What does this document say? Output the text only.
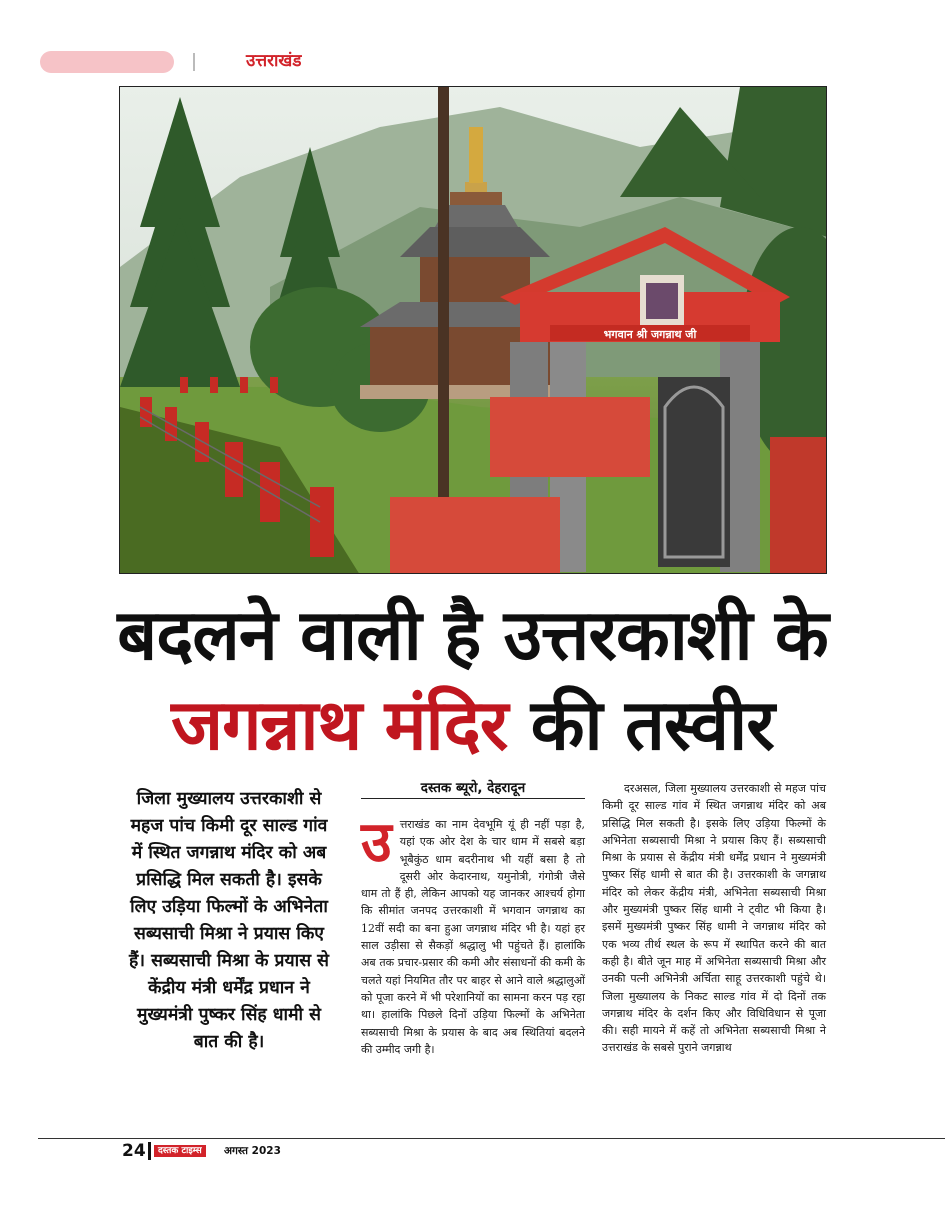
उत्तराखंड
भगवान श्री जगन्नाथ जी
बदलने वाली है उत्तरकाशी के
जगन्नाथ मंदिर की तस्वीर
जिला मुख्यालय उत्तरकाशी से महज पांच किमी दूर साल्ड गांव में स्थित जगन्नाथ मंदिर को अब प्रसिद्धि मिल सकती है। इसके लिए उड़िया फिल्मों के अभिनेता सब्यसाची मिश्रा ने प्रयास किए हैं। सब्यसाची मिश्रा के प्रयास से केंद्रीय मंत्री धर्मेंद्र प्रधान ने मुख्यमंत्री पुष्कर सिंह धामी से बात की है।
दस्तक ब्यूरो, देहरादून
उत्तराखंड का नाम देवभूमि यूं ही नहीं पड़ा है, यहां एक ओर देश के चार धाम में सबसे बड़ा भूबैकुंठ धाम बदरीनाथ भी यहीं बसा है तो दूसरी ओर केदारनाथ, यमुनोत्री, गंगोत्री जैसे धाम तो हैं ही, लेकिन आपको यह जानकर आश्चर्य होगा कि सीमांत जनपद उत्तरकाशी में भगवान जगन्नाथ का 12वीं सदी का बना हुआ जगन्नाथ मंदिर भी है। यहां हर साल उड़ीसा से सैकड़ों श्रद्धालु भी पहुंचते हैं। हालांकि अब तक प्रचार-प्रसार की कमी और संसाधनों की कमी के चलते यहां नियमित तौर पर बाहर से आने वाले श्रद्धालुओं को पूजा करने में भी परेशानियों का सामना करन पड़ रहा था। हालांकि पिछले दिनों उड़िया फिल्मों के अभिनेता सब्यसाची मिश्रा के प्रयास के बाद अब स्थितियां बदलने की उम्मीद जगी है।
दरअसल, जिला मुख्यालय उत्तरकाशी से महज पांच किमी दूर साल्ड गांव में स्थित जगन्नाथ मंदिर को अब प्रसिद्धि मिल सकती है। इसके लिए उड़िया फिल्मों के अभिनेता सब्यसाची मिश्रा ने प्रयास किए हैं। सब्यसाची मिश्रा के प्रयास से केंद्रीय मंत्री धर्मेंद्र प्रधान ने मुख्यमंत्री पुष्कर सिंह धामी से बात की है। उत्तरकाशी के जगन्नाथ मंदिर को लेकर केंद्रीय मंत्री, अभिनेता सब्यसाची मिश्रा और मुख्यमंत्री पुष्कर सिंह धामी ने ट्वीट भी किया है। इसमें मुख्यमंत्री पुष्कर सिंह धामी ने जगन्नाथ मंदिर को एक भव्य तीर्थ स्थल के रूप में स्थापित करने की बात कही है। बीते जून माह में अभिनेता सब्यसाची मिश्रा और उनकी पत्नी अभिनेत्री अर्चिता साहू उत्तरकाशी पहुंचे थे। जिला मुख्यालय के निकट साल्ड गांव में दो दिनों तक जगन्नाथ मंदिर के दर्शन किए और विधिविधान से पूजा की। सही मायने में कहें तो अभिनेता सब्यसाची मिश्रा ने उत्तराखंड के सबसे पुराने जगन्नाथ
24	दस्तक टाइम्स	अगस्त 2023
